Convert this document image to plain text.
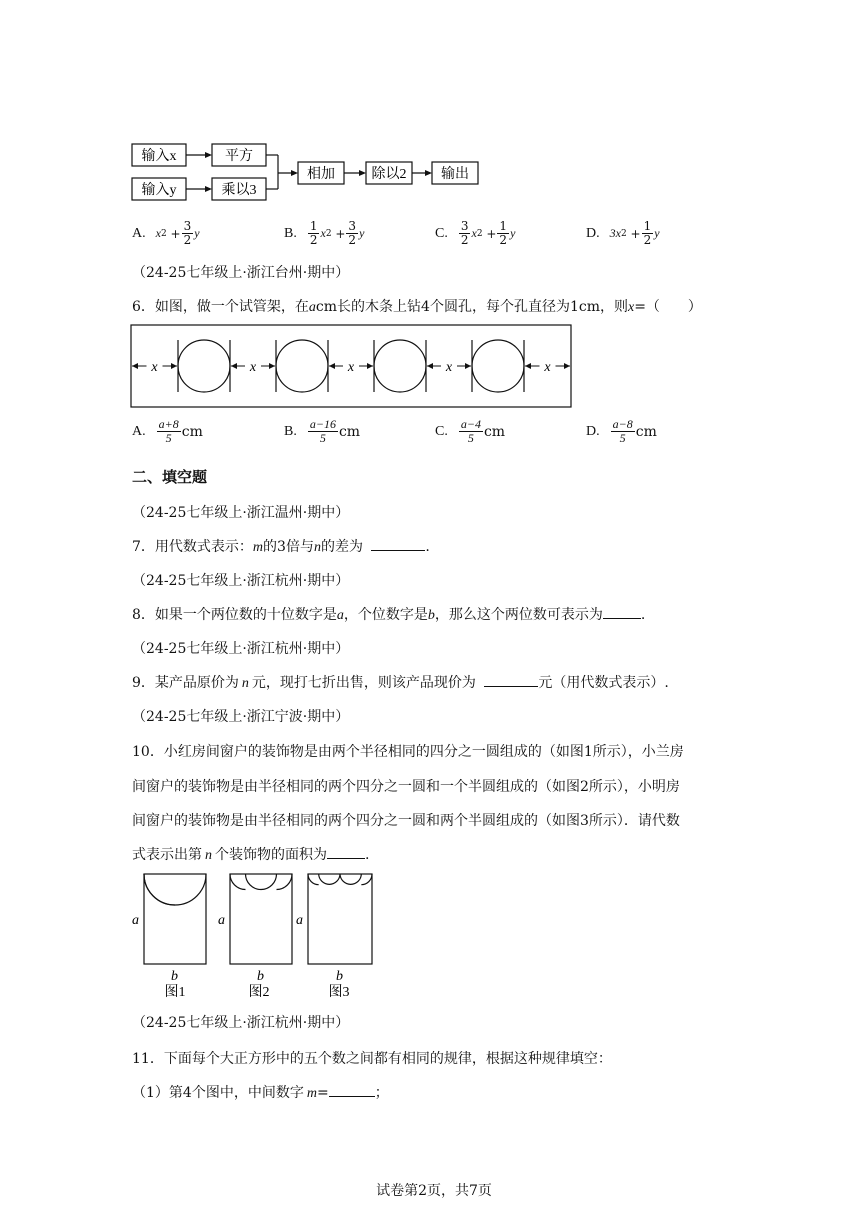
输入x
输入y
平方
乘以3
相加	除以2 输出
A. x $2 + \frac{3}{2}$ y	B. $\frac{1}{2}$ x $2 + \frac{3}{2}$ y	C. $\frac{3}{2}$ x $2 + \frac{1}{2}$ y	D. 3x $2 + \frac{1}{2}$ y
（24-25七年级上·浙江台州·期中）
6．如图，做一个试管架，在acm长的木条上钻4个圆孔，每个孔直径为1cm，则x=（　　）
x	x	x	x	x
A. $\frac{a+8}{5}$ cm	B. $\frac{a-16}{5}$ cm	C. $\frac{a-4}{5}$ cm	D. $\frac{a-8}{5}$ cm
二、填空题
（24-25七年级上·浙江温州·期中）
7．用代数式表示：m的3倍与n的差为	.
（24-25七年级上·浙江杭州·期中）
8．如果一个两位数的十位数字是a，个位数字是b，那么这个两位数可表示为	.
（24-25七年级上·浙江杭州·期中）
9．某产品原价为 n 元，现打七折出售，则该产品现价为	元（用代数式表示）.
（24-25七年级上·浙江宁波·期中）
10．小红房间窗户的装饰物是由两个半径相同的四分之一圆组成的（如图1所示），小兰房
间窗户的装饰物是由半径相同的两个四分之一圆和一个半圆组成的（如图2所示），小明房
间窗户的装饰物是由半径相同的两个四分之一圆和两个半圆组成的（如图3所示）．请代数
式表示出第 n 个装饰物的面积为	.
a	a	a
b	b	b
图1	图2	图3
（24-25七年级上·浙江杭州·期中）
11．下面每个大正方形中的五个数之间都有相同的规律，根据这种规律填空：
（1）第4个图中，中间数字 m=	；
试卷第2页，共7页
